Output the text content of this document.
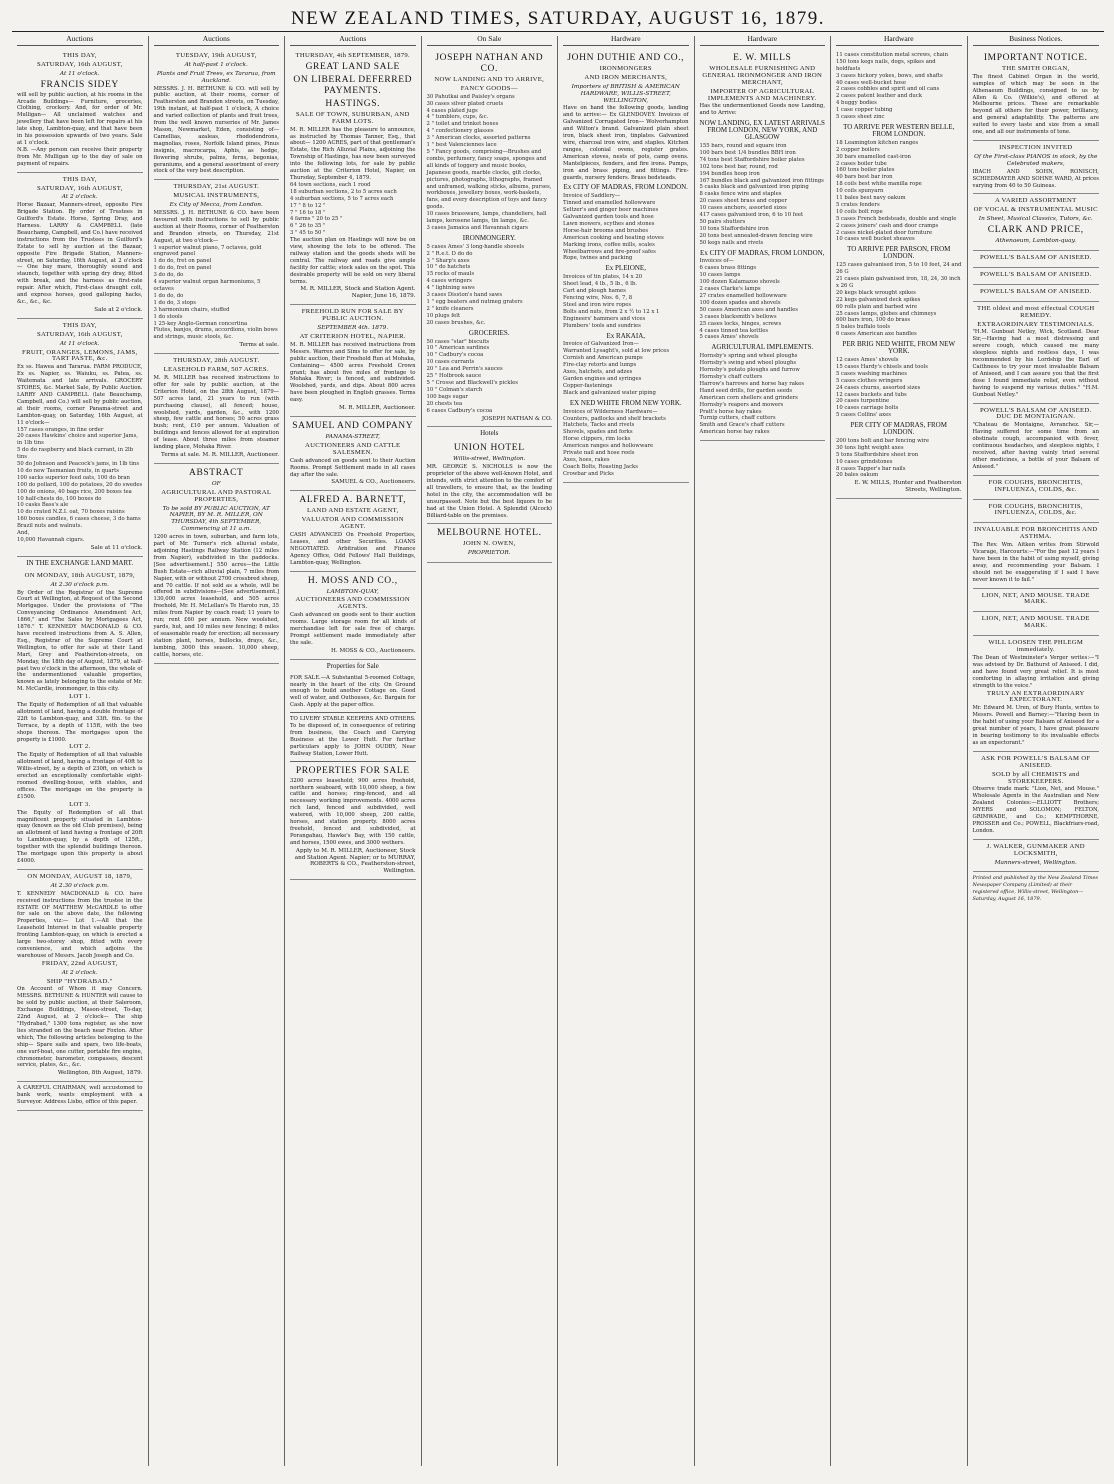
NEW ZEALAND TIMES, SATURDAY, AUGUST 16, 1879.
Auctions
THIS DAY,
SATURDAY, 16th AUGUST,
At 11 o'clock.
FRANCIS SIDEY
will sell by public auction, at his rooms in the Arcade Buildings— Furniture, groceries, Clothing, crockery. And, for order of Mr. Mulligan— All unclaimed watches and jewellery that have been left for repairs at his late shop, Lambton-quay, and that have been in his possession upwards of two years. Sale at 1 o'clock.
N.B. —Any person can receive their property from Mr. Mulligan up to the day of sale on payment of repairs.
THIS DAY,
SATURDAY, 16th AUGUST,
At 2 o'clock.
Horse Bazaar, Manners-street, opposite Fire Brigade Station. By order of Trustees in Guilford's Estate. Horse, Spring Dray, and Harness. LARRY & CAMPBELL (late Beauchamp, Campbell, and Co.) have received instructions from the Trustees in Guilford's Estate to sell by auction at the Bazaar, opposite Fire Brigade Station, Manners-street, on Saturday, 16th August, at 2 o'clock— One bay mare, thoroughly sound and staunch, together with spring dry dray, fitted with break, and the harness as first-rate repair. After which, First-class draught colt, and express horses, good galloping hacks, &c., &c., &c.
Sale at 2 o'clock.
THIS DAY,
SATURDAY, 16th AUGUST,
At 11 o'clock.
FRUIT, ORANGES, LEMONS, JAMS, TART PASTE, &c.
Ex ss. Hawea and Tararua. FARM PRODUCE, Ex ss. Napier, ss. Waiuku, ss. Patea, ss. Waitemata and late arrivals. GROCERY STORES, &c. Market Sale, By Public Auction. LARRY AND CAMPBELL (late Beauchamp, Campbell, and Co.) will sell by public auction, at their rooms, corner Panama-street and Lambton-quay, on Saturday, 16th August, at 11 o'clock—
157 cases oranges, in fine order
20 cases Hawkins' choice and superior Jams, in 1lb tins
5 do do raspberry and black currant, in 2lb tins
50 do Johnson and Peacock's jams, in 1lb tins
10 do new Tasmanian fruits, in quarts
100 sacks superior feed oats, 100 do bran
100 do pollard, 100 do potatoes, 20 do swedes
100 do onions, 40 bags rice, 200 boxes tea
10 half-chests do, 100 boxes do
10 casks Bass's ale
10 do crated N.Z.I. oat, 70 boxes raisins
160 boxes candles, 6 cases cheese, 3 do hams
Brazil nuts and walnuts.
And,
10,000 Havannah cigars.
Sale at 11 o'clock.
IN THE EXCHANGE LAND MART.
ON MONDAY, 18th AUGUST, 1879,
At 2.30 o'clock p.m.
By Order of the Registrar of the Supreme Court at Wellington, at Request of the Second Mortgagee. Under the provisions of "The Conveyancing Ordinance Amendment Act, 1866," and "The Sales by Mortgagees Act, 1876." T. KENNEDY MACDONALD & CO. have received instructions from A. S. Allen, Esq., Registrar of the Supreme Court at Wellington, to offer for sale at their Land Mart, Grey and Featherston-streets, on Monday, the 18th day of August, 1879, at half-past two o'clock in the afternoon, the whole of the undermentioned valuable properties, known as lately belonging to the estate of Mr. M. McCardle, ironmonger, in this city.
LOT 1.
The Equity of Redemption of all that valuable allotment of land, having a double frontage of 22ft to Lambton-quay, and 33ft. 6in. to the Terrace, by a depth of 115ft, with the two shops thereon. The mortgages upon the property is £1000.
LOT 2.
The Equity of Redemption of all that valuable allotment of land, having a frontage of 40ft to Willis-street, by a depth of 230ft, on which is erected an exceptionally comfortable eight-roomed dwelling-house, with stables, and offices. The mortgage on the property is £1500.
LOT 3.
The Equity of Redemption of all that magnificent property situated in Lambton-quay (known as the old Club premises), being an allotment of land having a frontage of 20ft to Lambton-quay, by a depth of 125ft., together with the splendid buildings thereon. The mortgage upon this property is about £4000.
ON MONDAY, AUGUST 18, 1879,
At 2.30 o'clock p.m.
T. KENNEDY MACDONALD & CO. have received instructions from the trustee in the ESTATE OF MATTHEW McCARDLE to offer for sale on the above date, the following Properties, viz:— Lot 1.—All that the Leasehold Interest in that valuable property fronting Lambton-quay, on which is erected a large two-storey shop, fitted with every convenience, and which adjoins the warehouse of Messrs. Jacob Joseph and Co.
FRIDAY, 22nd AUGUST,
At 2 o'clock.
SHIP "HYDRABAD."
On Account of Whom it may Concern. MESSRS. BETHUNE & HUNTER will cause to be sold by public auction, at their Saleroom, Exchange Buildings, Mason-street, To-day, 22nd August, at 2 o'clock— The ship "Hydrabad," 1300 tons register, as she now lies stranded on the beach near Foxton. After which, The following articles belonging to the ship— Spare sails and spars, two life-boats, one surf-boat, one cutter, portable fire engine, chronometer, barometer, compasses, descent service, plates, &c., &c.
Wellington, 8th August, 1879.
A CAREFUL CHAIRMAN, well accustomed to bank work, wants employment with a Surveyor. Address Lisbo, office of this paper.
Auctions
TUESDAY, 19th AUGUST,
At half-past 1 o'clock.
Plants and Fruit Trees, ex Tararua, from Auckland.
MESSRS. J. H. BETHUNE & CO. will sell by public auction, at their rooms, corner of Featherston and Brandon streets, on Tuesday, 19th instant, at half-past 1 o'clock, A choice and varied collection of plants and fruit trees, from the well known nurseries of Mr. James Mason, Newmarket, Eden, consisting of— Camellias, azaleas, rhododendrons, magnolias, roses, Norfolk Island pines, Pinus insignis, macrocarpa, Aphis, as hedge, flowering shrubs, palms, ferns, begonias, geraniums, and a general assortment of every stock of the very best description.
THURSDAY, 21st AUGUST.
MUSICAL INSTRUMENTS,
Ex City of Mecca, from London.
MESSRS. J. H. BETHUNE & CO. have been favoured with instructions to sell by public auction at their Rooms, corner of Featherston and Brandon streets, on Thursday, 21st August, at two o'clock—
1 superior walnut piano, 7 octaves, gold engraved panel
1 do do, fret on panel
1 do do, fret on panel
3 do do, do
4 superior walnut organ harmoniums, 5 octaves
1 do do, do
1 do do, 3 stops
3 harmonium chairs, stuffed
1 do stools
1 25-key Anglo-German concertina
Flutes, banjos, drums, accordions, violin bows and strings, music stools, &c.
Terms at sale.
THURSDAY, 28th AUGUST.
LEASEHOLD FARM, 507 ACRES.
M. R. MILLER has received instructions to offer for sale by public auction, at the Criterion Hotel, on the 28th August, 1879— 507 acres land, 21 years to run (with purchasing clause), all fenced; house, woolshed, yards, garden, &c., with 1200 sheep, few cattle and horses; 50 acres grass bush; rent, £10 per annum. Valuation of buildings and fences allowed for at expiration of lease. About three miles from steamer landing place, Mohaka River.
Terms at sale. M. R. MILLER, Auctioneer.
ABSTRACT
OF
AGRICULTURAL AND PASTORAL PROPERTIES,
To be sold BY PUBLIC AUCTION, AT NAPIER, BY M. R. MILLER, ON THURSDAY, 4th SEPTEMBER, Commencing at 11 a.m.
1200 acres in town, suburban, and farm lots, part of Mr. Turner's rich alluvial estate, adjoining Hastings Railway Station (12 miles from Napier), subdivided in the paddocks. [See advertisement.] 550 acres—the Little Bush Estate—rich alluvial plain, 7 miles from Napier, with or without 2700 crossbred sheep, and 70 cattle. If not sold as a whole, will be offered in subdivisions—[See advertisement.] 130,000 acres leasehold, and 505 acres freehold, Mr. H. McLellan's Te Haroto run, 35 miles from Napier by coach road; 11 years to run; rent £60 per annum. New woolshed, yards, hut, and 10 miles new fencing; 8 miles of seasonable ready for erection; all necessary station plant, horses, bullocks, drays, &c., lambing, 3000 this season. 10,000 sheep, cattle, horses, etc.
Auctions
THURSDAY, 4th SEPTEMBER, 1879.
GREAT LAND SALE
ON LIBERAL DEFERRED PAYMENTS.
HASTINGS.
SALE OF TOWN, SUBURBAN, AND FARM LOTS.
M. R. MILLER has the pleasure to announce, as instructed by Thomas Tanner, Esq., that about— 1200 ACRES, part of that gentleman's Estate, the Rich Alluvial Plains, adjoining the Township of Hastings, has now been surveyed into the following lots, for sale by public auction at the Criterion Hotel, Napier, on Thursday, September 4, 1879.
64 town sections, each 1 rood
18 suburban sections, 2 to 5 acres each
4 suburban sections, 5 to 7 acres each
17 " 8 to 12 "
7 " 16 to 18 "
4 farms " 20 to 25 "
6 " 26 to 35 "
3 " 45 to 50 "
The auction plan on Hastings will now be on view, showing the lots to be offered. The railway station and the goods sheds will be central. The railway and roads give ample facility for cattle; stock sales on the spot. This desirable property will be sold on very liberal terms.
M. R. MILLER, Stock and Station Agent. Napier, June 16, 1879.
FREEHOLD RUN FOR SALE BY PUBLIC AUCTION.
SEPTEMBER 4th. 1879.
AT CRITERION HOTEL, NAPIER.
M. R. MILLER has received instructions from Messrs. Warren and Sims to offer for sale, by public auction, their Freehold Run at Mohaka, Containing— 4500 acres Freehold Crown grant; has about five miles of frontage to Mohaka River; is fenced, and subdivided. Woolshed, yards, and dips. About 800 acres have been ploughed in English grasses. Terms easy.
M. R. MILLER, Auctioneer.
SAMUEL AND COMPANY
PANAMA-STREET,
AUCTIONEERS AND CATTLE SALESMEN.
Cash advanced on goods sent to their Auction Rooms. Prompt Settlement made in all cases day after the sale.
SAMUEL & CO., Auctioneers.
ALFRED A. BARNETT,
LAND AND ESTATE AGENT,
VALUATOR AND COMMISSION AGENT.
CASH ADVANCED On Freehold Properties, Leases, and other Securities. LOANS NEGOTIATED. Arbitration and Finance Agency Office, Odd Fellows' Hall Buildings, Lambton-quay, Wellington.
H. MOSS AND CO.,
LAMBTON-QUAY,
AUCTIONEERS AND COMMISSION AGENTS.
Cash advanced on goods sent to their auction rooms. Large storage room for all kinds of merchandise left for sale free of charge. Prompt settlement made immediately after the sale.
H. MOSS & CO., Auctioneers.
Properties for Sale
FOR SALE.—A Substantial 5-roomed Cottage, nearly in the heart of the city. On Ground enough to build another Cottage on. Good well of water, and Outhouses, &c. Bargain for Cash. Apply at the paper office.
TO LIVERY STABLE KEEPERS AND OTHERS. To be disposed of, in consequence of retiring from business, the Coach and Carrying Business at the Lower Hutt. For further particulars apply to JOHN OUDBY, Near Railway Station, Lower Hutt.
PROPERTIES FOR SALE
3200 acres leasehold; 900 acres freehold, northern seaboard, with 10,000 sheep, a few cattle and horses; ring-fenced, and all necessary working improvements. 4000 acres rich land, fenced and subdivided, well watered, with 10,000 sheep, 200 cattle, horses, and station property. 8000 acres freehold, fenced and subdivided, at Porangahau, Hawke's Bay, with 150 cattle, and horses, 1500 ewes, and 3000 wethers.
Apply to M. R. MILLER, Auctioneer, Stock and Station Agent. Napier; or to MURRAY, ROBERTS & CO., Featherston-street, Wellington.
On Sale
JOSEPH NATHAN AND CO.
NOW LANDING AND TO ARRIVE,
FANCY GOODS—
30 Pahutkai and Paisley's organs
30 cases silver plated cruets
4 cases plated jugs
4 " tumblers, cups, &c.
2 " toilet and trinket boxes
4 " confectionery glasses
3 " American clocks, assorted patterns
1 " best Valenciennes lace
5 " Fancy goods, comprising—Brushes and combs, perfumery, fancy soaps, sponges and all kinds of toggery and music books, Japanese goods, marble clocks, gilt clocks, pictures, photographs, lithographs, framed and unframed, walking sticks, albums, purses, workboxes, jewellery boxes, work-baskets, fans, and every description of toys and fancy goods.
10 cases brassware, lamps, chandeliers, hall lamps, kerosene lamps, tin lamps, &c.
3 cases Jamaica and Havannah cigars
IRONMONGERY.
5 cases Ames' 3 long-handle shovels
2 " R.e.t. D do do
3 " Sharp's axes
10 " do hatchets
15 rocks of mauls
4 cases wringers
4 " lightning saws
3 cases Disston's hand saws
1 " egg beaters and nutmeg graters
2 " knife cleaners
10 plugs felt
20 cases brushes, &c.
GROCERIES.
50 cases "star" biscuits
10 " American sardines
10 " Cadbury's cocoa
10 cases currants
20 " Lea and Perrin's sauces
25 " Holbrook sauce
5 " Crosse and Blackwell's pickles
10 " Colman's starch
100 bags sugar
20 chests tea
6 cases Cadbury's cocoa
JOSEPH NATHAN & CO.
Hotels
UNION HOTEL
Willis-street, Wellington.
MR. GEORGE S. NICHOLLS is now the proprietor of the above well-known Hotel, and intends, with strict attention to the comfort of all travellers, to ensure that, as the leading hotel in the city, the accommodation will be unsurpassed. Note but the best liquors to be had at the Union Hotel. A Splendid (Alcock) Billiard-table on the premises.
MELBOURNE HOTEL.
JOHN N. OWEN,
PROPRIETOR.
Hardware
JOHN DUTHIE AND CO.,
IRONMONGERS
AND IRON MERCHANTS,
Importers of BRITISH & AMERICAN HARDWARE, WILLIS-STREET, WELLINGTON,
Have on hand the following goods, landing and to arrive:— Ex GLENDOVEY. Invoices of Galvanized Corrugated Iron— Wolverhampton and Wilton's brand. Galvanized plain sheet iron, black sheet iron, tinplates. Galvanized wire, charcoal iron wire, and staples. Kitchen ranges, colonial ovens, register grates. American stoves, nests of pots, camp ovens. Mantelpieces, fenders, and fire irons. Pumps, iron and brass piping, and fittings. Fire-guards, nursery fenders. Brass bedsteads.
Ex CITY OF MADRAS, FROM LONDON.
Invoice of Saddlery—
Tinned and enamelled hollowware
Seltzer's and ginger beer machines
Galvanized garden tools and hose
Lawn mowers, scythes and stones
Horse-hair brooms and brushes
American cooking and heating stoves
Marking irons, coffee mills, scales
Wheelbarrows and fire-proof safes
Rope, twines and packing
Ex PLEIONE,
Invoices of tin plates, 14 x 20
Sheet lead, 4 lb., 5 lb., 6 lb.
Cart and plough hames
Fencing wire, Nos. 6, 7, 8
Steel and iron wire ropes
Bolts and nuts, from 2 x ½ to 12 x 1
Engineers' hammers and vices
Plumbers' tools and sundries
Ex RAKAIA,
Invoice of Galvanized Iron—
Warranted Lysaght's, sold at low prices
Cornish and American pumps
Fire-clay retorts and lumps
Axes, hatchets, and adzes
Garden engines and syringes
Copper-fastenings
Black and galvanized water piping
EX NED WHITE FROM NEW YORK.
Invoices of Wilderness Hardware—
Counters, padlocks and shelf brackets
Hatchets, Tacks and rivets
Shovels, spades and forks
Horse clippers, rim locks
American ranges and hollowware
Private nail and hose reels
Axes, hoes, rakes
Coach Bolts, Roasting Jacks
Crowbar and Picks
Hardware
E. W. MILLS
WHOLESALE FURNISHING AND GENERAL IRONMONGER AND IRON MERCHANT,
IMPORTER OF AGRICULTURAL IMPLEMENTS AND MACHINERY.
Has the undermentioned Goods now Landing, and to Arrive:
NOW LANDING, EX LATEST ARRIVALS FROM LONDON, NEW YORK, AND GLASGOW
155 bars, round and square iron
100 bars best 1/4 bundles BBH iron
74 tons best Staffordshire boiler plates
102 tons best bar, round, rod
194 bundles hoop iron
167 bundles black and galvanized iron fittings
5 casks black and galvanized iron piping
8 casks fence wire and staples
20 cases sheet brass and copper
10 cases anchors, assorted sizes
417 cases galvanised iron, 6 to 10 feet
50 pairs shutters
10 tons Staffordshire iron
20 tons best annealed-drawn fencing wire
50 kegs nails and rivets
Ex CITY OF MADRAS, FROM LONDON,
Invoices of—
6 cases brass fittings
10 cases lamps
100 dozen Kalamazoo shovels
2 cases Clarke's lamps
27 crates enamelled hollowware
100 dozen spades and shovels
50 cases American axes and handles
3 cases blacksmith's bellows
25 cases locks, hinges, screws
4 cases tinned tea kettles
5 cases Ames' shovels
AGRICULTURAL IMPLEMENTS.
Hornsby's spring and wheel ploughs
Hornsby's swing and wheel ploughs
Hornsby's potato ploughs and furrow
Hornsby's chaff cutters
Harrow's harrows and horse hay rakes
Hand seed drills, for garden seeds
American corn shellers and grinders
Hornsby's reapers and mowers
Pratt's horse hay rakes
Turnip cutters, chaff cutters
Smith and Grace's chaff cutters
American horse hay rakes
Hardware
11 cases constitution metal screws, chain
150 tons kegs nails, dogs, spikes and holdfasts
3 cases hickory yokes, bows, and shafts
40 cases well-bucket hose
2 cases cobbles and spirit and oil cans
2 cases patent leather and duck
4 buggy bodies
1 case copper tubing
5 cases sheet zinc
TO ARRIVE PER WESTERN BELLE, FROM LONDON.
18 Leamington kitchen ranges
2 copper boilers
30 bars enamelled cast-iron
2 cases boiler tube
160 tons boiler plates
40 bars best bar iron
18 coils best white manilla rope
10 coils spunyarn
11 bales best navy oakum
5 crates fenders
10 coils bolt rope
5 cases French bedsteads, double and single
2 cases joiners' cash and door cramps
2 cases nickel-plated door furniture
10 cases well bucket sheaves
TO ARRIVE PER PARSON, FROM LONDON.
125 cases galvanised iron, 5 to 10 feet, 24 and 26 G
21 cases plain galvanised iron, 18, 24, 30 inch x 26 G
20 kegs black wrought spikes
22 kegs galvanized deck spikes
60 rolls plain and barbed wire
25 cases lamps, globes and chimneys
600 bars iron, 100 do brass
5 bales buffalo tools
6 cases American axe handles
PER BRIG NED WHITE, FROM NEW YORK.
12 cases Ames' shovels
15 cases Hardy's chisels and tools
5 cases washing machines
5 cases clothes wringers
24 cases churns, assorted sizes
12 cases buckets and tubs
20 cases turpentine
10 cases carriage bolts
5 cases Collins' axes
PER CITY OF MADRAS, FROM LONDON.
200 tons bolt and bar fencing wire
30 tons light weight axes
5 tons Staffordshire sheet iron
10 cases grindstones
8 cases Tapper's bar nails
20 bales oakum
E. W. MILLS, Hunter and Featherston Streets, Wellington.
Business Notices.
IMPORTANT NOTICE.
THE SMITH ORGAN,
The finest Cabinet Organ in the world, samples of which may be seen in the Athenaeum Buildings, consigned to us by Allen & Co. (Wilkie's), and offered at Melbourne prices. These are remarkable beyond all others for their power, brilliancy, and general adaptability. The patterns are suited to every taste and size from a small one, and all our instruments of tone.
INSPECTION INVITED
Of the First-class PIANOS in stock, by the Celebrated makers,
IBACH AND SOHN, RONISCH, SCHIEDMAYER AND SOHNE WARD, At prices varying from 40 to 50 Guineas.
A VARIED ASSORTMENT
OF VOCAL & INSTRUMENTAL MUSIC
In Sheet, Musical Classics, Tutors, &c.
CLARK AND PRICE,
Athenaeum, Lambton-quay.
POWELL'S BALSAM OF ANISEED.
POWELL'S BALSAM OF ANISEED.
POWELL'S BALSAM OF ANISEED.
THE oldest and most effectual COUGH REMEDY.
EXTRAORDINARY TESTIMONIALS.
"H.M. Gunboat Netley, Wick, Scotland. Dear Sir,—Having had a most distressing and severe cough, which caused me many sleepless nights and restless days, I was recommended by his Lordship the Earl of Caithness to try your most invaluable Balsam of Aniseed, and I can assure you that the first dose I found immediate relief, even without having to suspend my various duties." "H.M. Gunboat Netley."
POWELL'S BALSAM OF ANISEED. DUC DE MONTAIGNAN.
"Chateau de Montaigne, Avranchez. Sir,—Having suffered for some time from an obstinate cough, accompanied with fever, continuous headaches, and sleepless nights, I received, after having vainly tried several other medicines, a bottle of your Balsam of Aniseed."
FOR COUGHS, BRONCHITIS, INFLUENZA, COLDS, &c.
FOR COUGHS, BRONCHITIS, INFLUENZA, COLDS, &c.
INVALUABLE FOR BRONCHITIS AND ASTHMA.
The Rev. Wm. Aitken writes from Stirwold Vicarage, Harcourts:—"For the past 12 years I have been in the habit of using myself, giving away, and recommending your Balsam. I should not be exaggerating if I said I have never known it to fail."
LION, NET, AND MOUSE. TRADE MARK.
LION, NET, AND MOUSE. TRADE MARK.
WILL LOOSEN THE PHLEGM immediately.
The Dean of Westminster's Verger writes:—"I was advised by Dr. Bathurst of Aniseed. I did, and have found very great relief. It is most comforting in allaying irritation and giving strength to the voice."
TRULY AN EXTRAORDINARY EXPECTORANT.
Mr. Edward M. Uren, of Bury Hunts, writes to Messrs. Powell and Barney:—"Having been in the habit of using your Balsam of Aniseed for a great number of years, I have great pleasure in bearing testimony to its invaluable effects as an expectorant."
ASK FOR POWELL'S BALSAM OF ANISEED.
SOLD by all CHEMISTS and STOREKEEPERS.
Observe trade mark: "Lion, Net, and Mouse." Wholesale Agents in the Australian and New Zealand Colonies:—ELLIOTT Brothers; MYERS and SOLOMON; FELTON, GRIMWADE, and Co.; KEMPTHORNE, PROSSER and Co.; POWELL, Blackfriars-road, London.
J. WALKER, GUNMAKER AND LOCKSMITH,
Manners-street, Wellington.
Printed and published by the New Zealand Times Newspaper Company (Limited) at their registered office, Willis-street, Wellington—Saturday, August 16, 1879.
